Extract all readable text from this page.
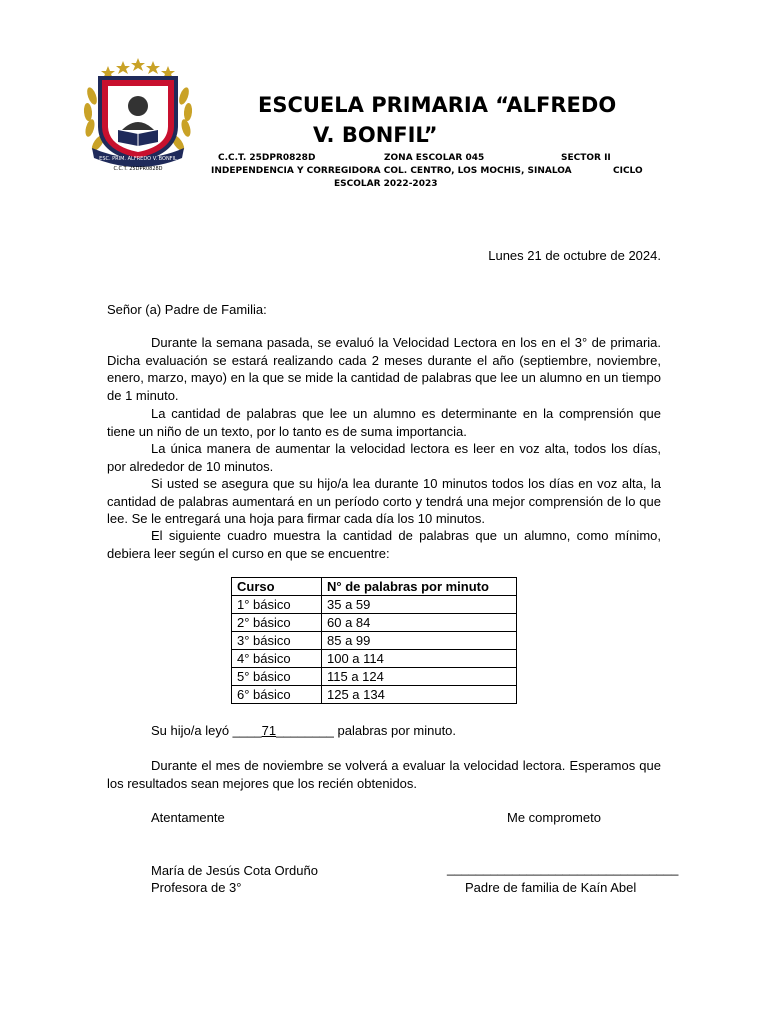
ESC. PRIM. ALFREDO V. BONFIL
C.C.T. 25DPR0828D
ESCUELA PRIMARIA “ALFREDO
V. BONFIL”
C.C.T. 25DPR0828D	ZONA ESCOLAR 045	SECTOR II
INDEPENDENCIA Y CORREGIDORA COL. CENTRO, LOS MOCHIS, SINALOA	CICLO
ESCOLAR 2022-2023
Lunes 21 de octubre de 2024.
Señor (a) Padre de Familia:
Durante la semana pasada, se evaluó la Velocidad Lectora en los en el 3° de primaria. Dicha evaluación se estará realizando cada 2 meses durante el año (septiembre, noviembre, enero, marzo, mayo) en la que se mide la cantidad de palabras que lee un alumno en un tiempo de 1 minuto.
La cantidad de palabras que lee un alumno es determinante en la comprensión que tiene un niño de un texto, por lo tanto es de suma importancia.
La única manera de aumentar la velocidad lectora es leer en voz alta, todos los días, por alrededor de 10 minutos.
Si usted se asegura que su hijo/a lea durante 10 minutos todos los días en voz alta, la cantidad de palabras aumentará en un período corto y tendrá una mejor comprensión de lo que lee. Se le entregará una hoja para firmar cada día los 10 minutos.
El siguiente cuadro muestra la cantidad de palabras que un alumno, como mínimo, debiera leer según el curso en que se encuentre:
Curso	N° de palabras por minuto
1° básico	35 a 59
2° básico	60 a 84
3° básico	85 a 99
4° básico	100 a 114
5° básico	115 a 124
6° básico	125 a 134
Su hijo/a leyó ____71________ palabras por minuto.
Durante el mes de noviembre se volverá a evaluar la velocidad lectora. Esperamos que los resultados sean mejores que los recién obtenidos.
Atentamente	Me comprometo
María de Jesús Cota Orduño
Profesora de 3°
________________________________
Padre de familia de Kaín Abel
